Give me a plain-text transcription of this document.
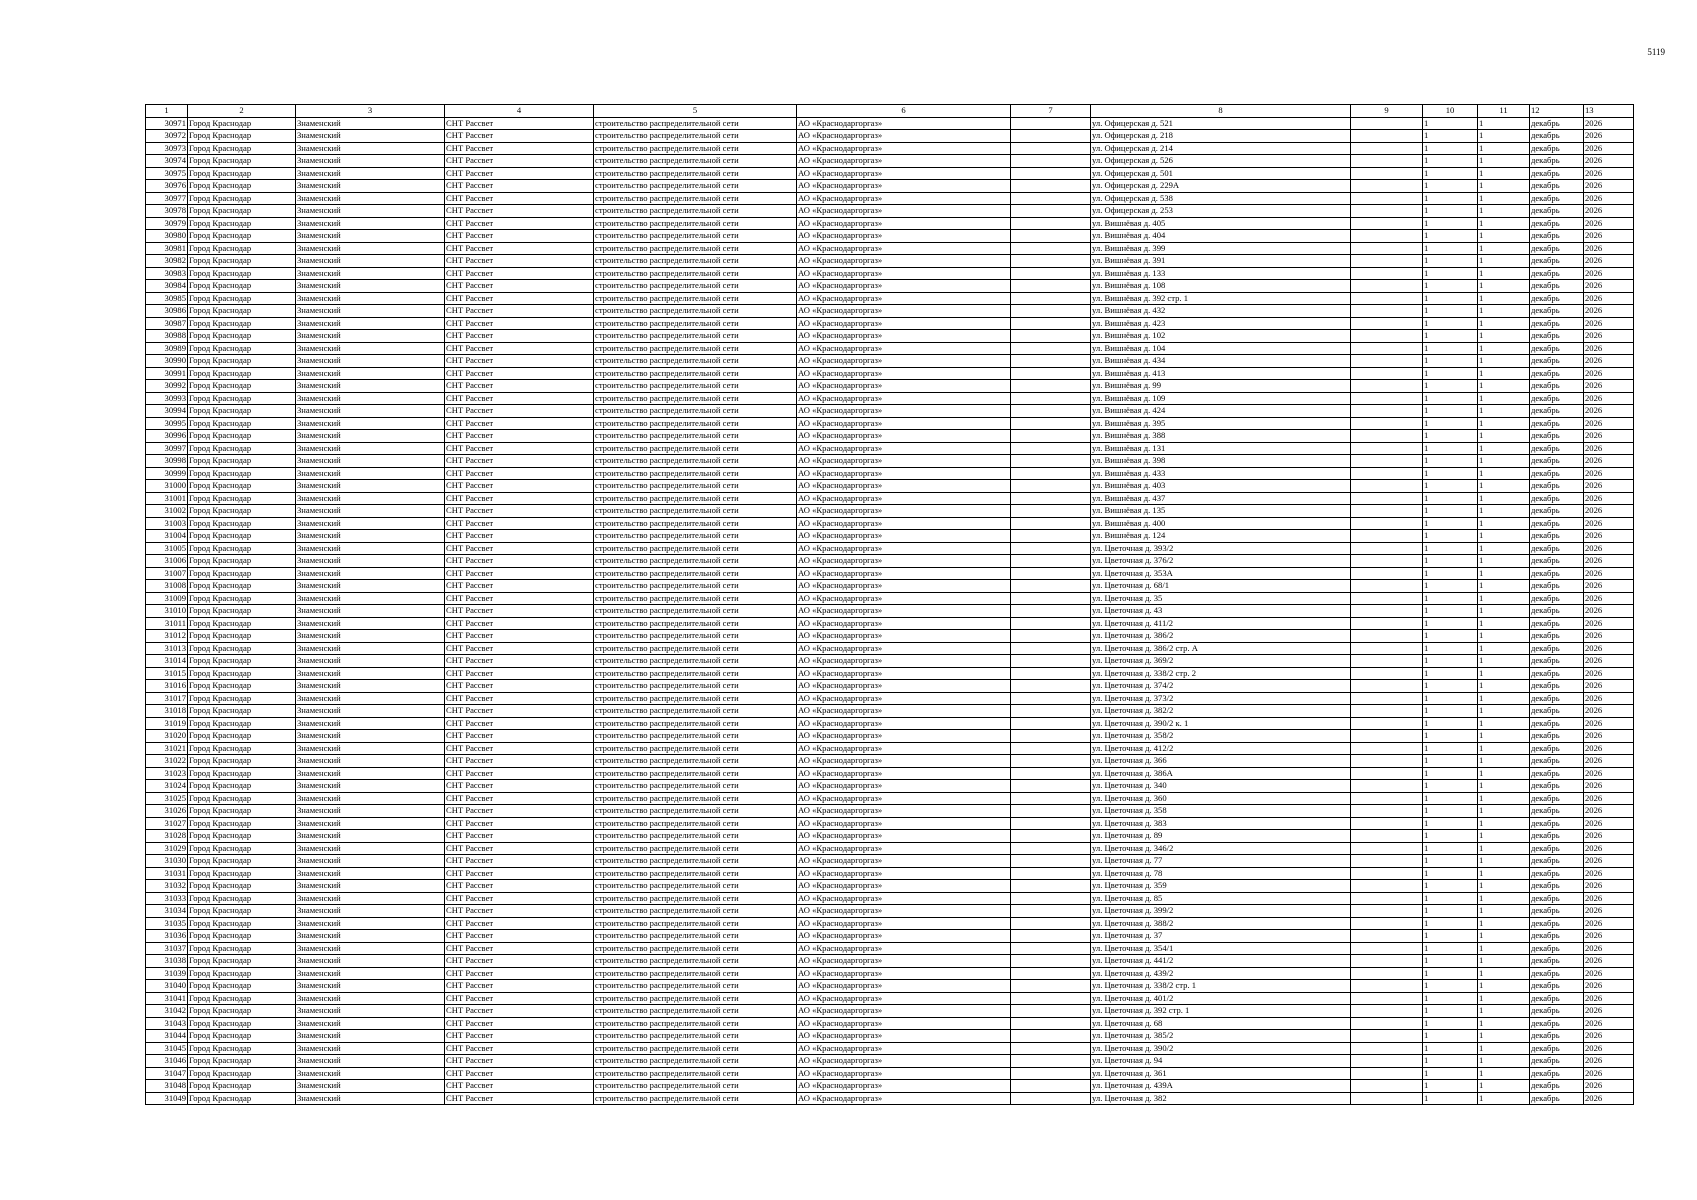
5119
1	2	3	4	5	6	7	8	9	10	11	12	13
30971	Город Краснодар	Знаменский	СНТ Рассвет	строительство распределительной сети	АО «Краснодаргоргаз»		ул. Офицерская д. 521		1	1	декабрь	2026
30972	Город Краснодар	Знаменский	СНТ Рассвет	строительство распределительной сети	АО «Краснодаргоргаз»		ул. Офицерская д. 218		1	1	декабрь	2026
30973	Город Краснодар	Знаменский	СНТ Рассвет	строительство распределительной сети	АО «Краснодаргоргаз»		ул. Офицерская д. 214		1	1	декабрь	2026
30974	Город Краснодар	Знаменский	СНТ Рассвет	строительство распределительной сети	АО «Краснодаргоргаз»		ул. Офицерская д. 526		1	1	декабрь	2026
30975	Город Краснодар	Знаменский	СНТ Рассвет	строительство распределительной сети	АО «Краснодаргоргаз»		ул. Офицерская д. 501		1	1	декабрь	2026
30976	Город Краснодар	Знаменский	СНТ Рассвет	строительство распределительной сети	АО «Краснодаргоргаз»		ул. Офицерская д. 229А		1	1	декабрь	2026
30977	Город Краснодар	Знаменский	СНТ Рассвет	строительство распределительной сети	АО «Краснодаргоргаз»		ул. Офицерская д. 538		1	1	декабрь	2026
30978	Город Краснодар	Знаменский	СНТ Рассвет	строительство распределительной сети	АО «Краснодаргоргаз»		ул. Офицерская д. 253		1	1	декабрь	2026
30979	Город Краснодар	Знаменский	СНТ Рассвет	строительство распределительной сети	АО «Краснодаргоргаз»		ул. Вишнёвая д. 405		1	1	декабрь	2026
30980	Город Краснодар	Знаменский	СНТ Рассвет	строительство распределительной сети	АО «Краснодаргоргаз»		ул. Вишнёвая д. 404		1	1	декабрь	2026
30981	Город Краснодар	Знаменский	СНТ Рассвет	строительство распределительной сети	АО «Краснодаргоргаз»		ул. Вишнёвая д. 399		1	1	декабрь	2026
30982	Город Краснодар	Знаменский	СНТ Рассвет	строительство распределительной сети	АО «Краснодаргоргаз»		ул. Вишнёвая д. 391		1	1	декабрь	2026
30983	Город Краснодар	Знаменский	СНТ Рассвет	строительство распределительной сети	АО «Краснодаргоргаз»		ул. Вишнёвая д. 133		1	1	декабрь	2026
30984	Город Краснодар	Знаменский	СНТ Рассвет	строительство распределительной сети	АО «Краснодаргоргаз»		ул. Вишнёвая д. 108		1	1	декабрь	2026
30985	Город Краснодар	Знаменский	СНТ Рассвет	строительство распределительной сети	АО «Краснодаргоргаз»		ул. Вишнёвая д. 392 стр. 1		1	1	декабрь	2026
30986	Город Краснодар	Знаменский	СНТ Рассвет	строительство распределительной сети	АО «Краснодаргоргаз»		ул. Вишнёвая д. 432		1	1	декабрь	2026
30987	Город Краснодар	Знаменский	СНТ Рассвет	строительство распределительной сети	АО «Краснодаргоргаз»		ул. Вишнёвая д. 423		1	1	декабрь	2026
30988	Город Краснодар	Знаменский	СНТ Рассвет	строительство распределительной сети	АО «Краснодаргоргаз»		ул. Вишнёвая д. 102		1	1	декабрь	2026
30989	Город Краснодар	Знаменский	СНТ Рассвет	строительство распределительной сети	АО «Краснодаргоргаз»		ул. Вишнёвая д. 104		1	1	декабрь	2026
30990	Город Краснодар	Знаменский	СНТ Рассвет	строительство распределительной сети	АО «Краснодаргоргаз»		ул. Вишнёвая д. 434		1	1	декабрь	2026
30991	Город Краснодар	Знаменский	СНТ Рассвет	строительство распределительной сети	АО «Краснодаргоргаз»		ул. Вишнёвая д. 413		1	1	декабрь	2026
30992	Город Краснодар	Знаменский	СНТ Рассвет	строительство распределительной сети	АО «Краснодаргоргаз»		ул. Вишнёвая д. 99		1	1	декабрь	2026
30993	Город Краснодар	Знаменский	СНТ Рассвет	строительство распределительной сети	АО «Краснодаргоргаз»		ул. Вишнёвая д. 109		1	1	декабрь	2026
30994	Город Краснодар	Знаменский	СНТ Рассвет	строительство распределительной сети	АО «Краснодаргоргаз»		ул. Вишнёвая д. 424		1	1	декабрь	2026
30995	Город Краснодар	Знаменский	СНТ Рассвет	строительство распределительной сети	АО «Краснодаргоргаз»		ул. Вишнёвая д. 395		1	1	декабрь	2026
30996	Город Краснодар	Знаменский	СНТ Рассвет	строительство распределительной сети	АО «Краснодаргоргаз»		ул. Вишнёвая д. 388		1	1	декабрь	2026
30997	Город Краснодар	Знаменский	СНТ Рассвет	строительство распределительной сети	АО «Краснодаргоргаз»		ул. Вишнёвая д. 131		1	1	декабрь	2026
30998	Город Краснодар	Знаменский	СНТ Рассвет	строительство распределительной сети	АО «Краснодаргоргаз»		ул. Вишнёвая д. 398		1	1	декабрь	2026
30999	Город Краснодар	Знаменский	СНТ Рассвет	строительство распределительной сети	АО «Краснодаргоргаз»		ул. Вишнёвая д. 433		1	1	декабрь	2026
31000	Город Краснодар	Знаменский	СНТ Рассвет	строительство распределительной сети	АО «Краснодаргоргаз»		ул. Вишнёвая д. 403		1	1	декабрь	2026
31001	Город Краснодар	Знаменский	СНТ Рассвет	строительство распределительной сети	АО «Краснодаргоргаз»		ул. Вишнёвая д. 437		1	1	декабрь	2026
31002	Город Краснодар	Знаменский	СНТ Рассвет	строительство распределительной сети	АО «Краснодаргоргаз»		ул. Вишнёвая д. 135		1	1	декабрь	2026
31003	Город Краснодар	Знаменский	СНТ Рассвет	строительство распределительной сети	АО «Краснодаргоргаз»		ул. Вишнёвая д. 400		1	1	декабрь	2026
31004	Город Краснодар	Знаменский	СНТ Рассвет	строительство распределительной сети	АО «Краснодаргоргаз»		ул. Вишнёвая д. 124		1	1	декабрь	2026
31005	Город Краснодар	Знаменский	СНТ Рассвет	строительство распределительной сети	АО «Краснодаргоргаз»		ул. Цветочная д. 393/2		1	1	декабрь	2026
31006	Город Краснодар	Знаменский	СНТ Рассвет	строительство распределительной сети	АО «Краснодаргоргаз»		ул. Цветочная д. 376/2		1	1	декабрь	2026
31007	Город Краснодар	Знаменский	СНТ Рассвет	строительство распределительной сети	АО «Краснодаргоргаз»		ул. Цветочная д. 353А		1	1	декабрь	2026
31008	Город Краснодар	Знаменский	СНТ Рассвет	строительство распределительной сети	АО «Краснодаргоргаз»		ул. Цветочная д. 68/1		1	1	декабрь	2026
31009	Город Краснодар	Знаменский	СНТ Рассвет	строительство распределительной сети	АО «Краснодаргоргаз»		ул. Цветочная д. 35		1	1	декабрь	2026
31010	Город Краснодар	Знаменский	СНТ Рассвет	строительство распределительной сети	АО «Краснодаргоргаз»		ул. Цветочная д. 43		1	1	декабрь	2026
31011	Город Краснодар	Знаменский	СНТ Рассвет	строительство распределительной сети	АО «Краснодаргоргаз»		ул. Цветочная д. 411/2		1	1	декабрь	2026
31012	Город Краснодар	Знаменский	СНТ Рассвет	строительство распределительной сети	АО «Краснодаргоргаз»		ул. Цветочная д. 386/2		1	1	декабрь	2026
31013	Город Краснодар	Знаменский	СНТ Рассвет	строительство распределительной сети	АО «Краснодаргоргаз»		ул. Цветочная д. 386/2 стр. А		1	1	декабрь	2026
31014	Город Краснодар	Знаменский	СНТ Рассвет	строительство распределительной сети	АО «Краснодаргоргаз»		ул. Цветочная д. 369/2		1	1	декабрь	2026
31015	Город Краснодар	Знаменский	СНТ Рассвет	строительство распределительной сети	АО «Краснодаргоргаз»		ул. Цветочная д. 338/2 стр. 2		1	1	декабрь	2026
31016	Город Краснодар	Знаменский	СНТ Рассвет	строительство распределительной сети	АО «Краснодаргоргаз»		ул. Цветочная д. 374/2		1	1	декабрь	2026
31017	Город Краснодар	Знаменский	СНТ Рассвет	строительство распределительной сети	АО «Краснодаргоргаз»		ул. Цветочная д. 373/2		1	1	декабрь	2026
31018	Город Краснодар	Знаменский	СНТ Рассвет	строительство распределительной сети	АО «Краснодаргоргаз»		ул. Цветочная д. 382/2		1	1	декабрь	2026
31019	Город Краснодар	Знаменский	СНТ Рассвет	строительство распределительной сети	АО «Краснодаргоргаз»		ул. Цветочная д. 390/2 к. 1		1	1	декабрь	2026
31020	Город Краснодар	Знаменский	СНТ Рассвет	строительство распределительной сети	АО «Краснодаргоргаз»		ул. Цветочная д. 358/2		1	1	декабрь	2026
31021	Город Краснодар	Знаменский	СНТ Рассвет	строительство распределительной сети	АО «Краснодаргоргаз»		ул. Цветочная д. 412/2		1	1	декабрь	2026
31022	Город Краснодар	Знаменский	СНТ Рассвет	строительство распределительной сети	АО «Краснодаргоргаз»		ул. Цветочная д. 366		1	1	декабрь	2026
31023	Город Краснодар	Знаменский	СНТ Рассвет	строительство распределительной сети	АО «Краснодаргоргаз»		ул. Цветочная д. 386А		1	1	декабрь	2026
31024	Город Краснодар	Знаменский	СНТ Рассвет	строительство распределительной сети	АО «Краснодаргоргаз»		ул. Цветочная д. 340		1	1	декабрь	2026
31025	Город Краснодар	Знаменский	СНТ Рассвет	строительство распределительной сети	АО «Краснодаргоргаз»		ул. Цветочная д. 360		1	1	декабрь	2026
31026	Город Краснодар	Знаменский	СНТ Рассвет	строительство распределительной сети	АО «Краснодаргоргаз»		ул. Цветочная д. 358		1	1	декабрь	2026
31027	Город Краснодар	Знаменский	СНТ Рассвет	строительство распределительной сети	АО «Краснодаргоргаз»		ул. Цветочная д. 383		1	1	декабрь	2026
31028	Город Краснодар	Знаменский	СНТ Рассвет	строительство распределительной сети	АО «Краснодаргоргаз»		ул. Цветочная д. 89		1	1	декабрь	2026
31029	Город Краснодар	Знаменский	СНТ Рассвет	строительство распределительной сети	АО «Краснодаргоргаз»		ул. Цветочная д. 346/2		1	1	декабрь	2026
31030	Город Краснодар	Знаменский	СНТ Рассвет	строительство распределительной сети	АО «Краснодаргоргаз»		ул. Цветочная д. 77		1	1	декабрь	2026
31031	Город Краснодар	Знаменский	СНТ Рассвет	строительство распределительной сети	АО «Краснодаргоргаз»		ул. Цветочная д. 78		1	1	декабрь	2026
31032	Город Краснодар	Знаменский	СНТ Рассвет	строительство распределительной сети	АО «Краснодаргоргаз»		ул. Цветочная д. 359		1	1	декабрь	2026
31033	Город Краснодар	Знаменский	СНТ Рассвет	строительство распределительной сети	АО «Краснодаргоргаз»		ул. Цветочная д. 85		1	1	декабрь	2026
31034	Город Краснодар	Знаменский	СНТ Рассвет	строительство распределительной сети	АО «Краснодаргоргаз»		ул. Цветочная д. 399/2		1	1	декабрь	2026
31035	Город Краснодар	Знаменский	СНТ Рассвет	строительство распределительной сети	АО «Краснодаргоргаз»		ул. Цветочная д. 388/2		1	1	декабрь	2026
31036	Город Краснодар	Знаменский	СНТ Рассвет	строительство распределительной сети	АО «Краснодаргоргаз»		ул. Цветочная д. 37		1	1	декабрь	2026
31037	Город Краснодар	Знаменский	СНТ Рассвет	строительство распределительной сети	АО «Краснодаргоргаз»		ул. Цветочная д. 354/1		1	1	декабрь	2026
31038	Город Краснодар	Знаменский	СНТ Рассвет	строительство распределительной сети	АО «Краснодаргоргаз»		ул. Цветочная д. 441/2		1	1	декабрь	2026
31039	Город Краснодар	Знаменский	СНТ Рассвет	строительство распределительной сети	АО «Краснодаргоргаз»		ул. Цветочная д. 439/2		1	1	декабрь	2026
31040	Город Краснодар	Знаменский	СНТ Рассвет	строительство распределительной сети	АО «Краснодаргоргаз»		ул. Цветочная д. 338/2 стр. 1		1	1	декабрь	2026
31041	Город Краснодар	Знаменский	СНТ Рассвет	строительство распределительной сети	АО «Краснодаргоргаз»		ул. Цветочная д. 401/2		1	1	декабрь	2026
31042	Город Краснодар	Знаменский	СНТ Рассвет	строительство распределительной сети	АО «Краснодаргоргаз»		ул. Цветочная д. 392 стр. 1		1	1	декабрь	2026
31043	Город Краснодар	Знаменский	СНТ Рассвет	строительство распределительной сети	АО «Краснодаргоргаз»		ул. Цветочная д. 68		1	1	декабрь	2026
31044	Город Краснодар	Знаменский	СНТ Рассвет	строительство распределительной сети	АО «Краснодаргоргаз»		ул. Цветочная д. 385/2		1	1	декабрь	2026
31045	Город Краснодар	Знаменский	СНТ Рассвет	строительство распределительной сети	АО «Краснодаргоргаз»		ул. Цветочная д. 390/2		1	1	декабрь	2026
31046	Город Краснодар	Знаменский	СНТ Рассвет	строительство распределительной сети	АО «Краснодаргоргаз»		ул. Цветочная д. 94		1	1	декабрь	2026
31047	Город Краснодар	Знаменский	СНТ Рассвет	строительство распределительной сети	АО «Краснодаргоргаз»		ул. Цветочная д. 361		1	1	декабрь	2026
31048	Город Краснодар	Знаменский	СНТ Рассвет	строительство распределительной сети	АО «Краснодаргоргаз»		ул. Цветочная д. 439А		1	1	декабрь	2026
31049	Город Краснодар	Знаменский	СНТ Рассвет	строительство распределительной сети	АО «Краснодаргоргаз»		ул. Цветочная д. 382		1	1	декабрь	2026
